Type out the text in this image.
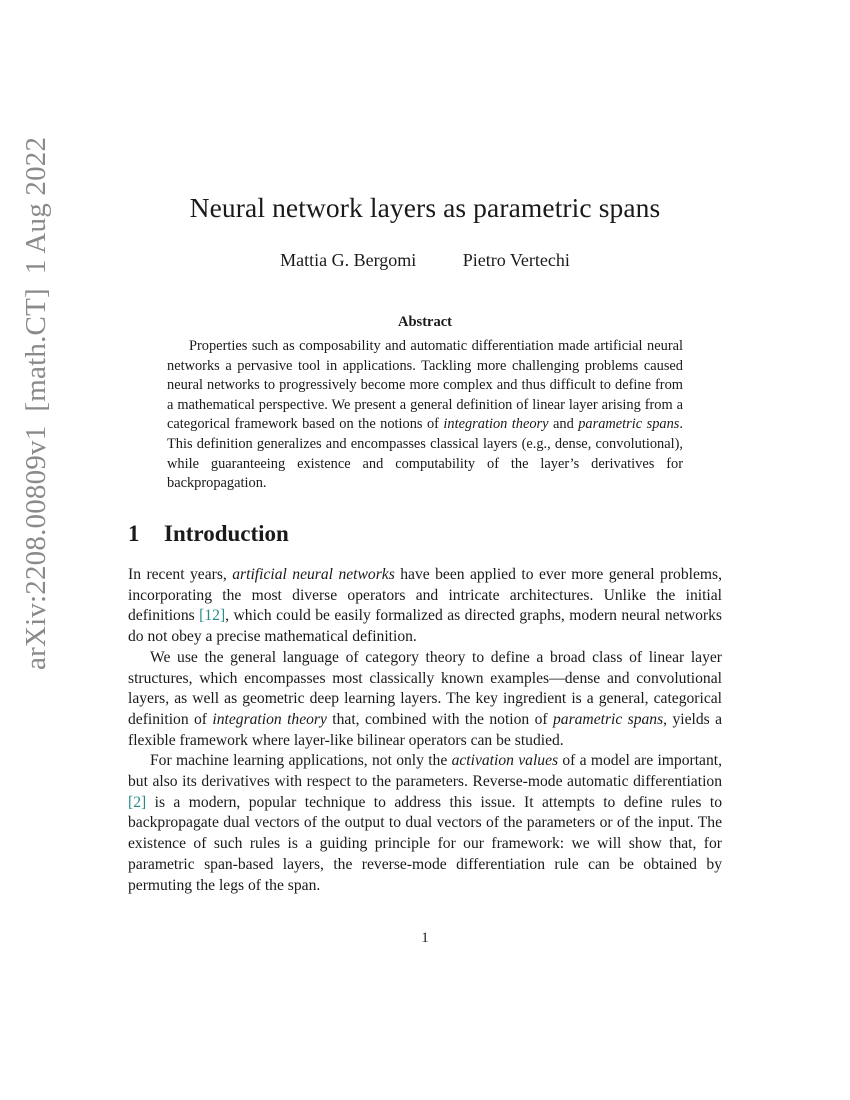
arXiv:2208.00809v1[math.CT]1 Aug 2022	Neural network layers as parametric spans
Mattia G. Bergomi	Pietro Vertechi
Abstract

Properties such as composability and automatic differentiation made artificial neural networks a pervasive tool in applications. Tackling more challenging problems caused neural networks to progressively become more complex and thus difficult to define from a mathematical perspective. We present a general definition of linear layer arising from a categorical framework based on the notions of integration theory and parametric spans. This definition generalizes and encompasses classical layers (e.g., dense, convolutional), while guaranteeing existence and computability of the layer’s derivatives for backpropagation.

1 Introduction

In recent years, artificial neural networks have been applied to ever more general problems, incorporating the most diverse operators and intricate architectures. Unlike the initial definitions [12], which could be easily formalized as directed graphs, modern neural networks do not obey a precise mathematical definition.

We use the general language of category theory to define a broad class of linear layer structures, which encompasses most classically known examples—dense and convolutional layers, as well as geometric deep learning layers. The key ingredient is a general, categorical definition of integration theory that, combined with the notion of parametric spans, yields a flexible framework where layer-like bilinear operators can be studied.

For machine learning applications, not only the activation values of a model are important, but also its derivatives with respect to the parameters. Reverse-mode automatic differentiation [2] is a modern, popular technique to address this issue. It attempts to define rules to backpropagate dual vectors of the output to dual vectors of the parameters or of the input. The existence of such rules is a guiding principle for our framework: we will show that, for parametric span-based layers, the reverse-mode differentiation rule can be obtained by permuting the legs of the span.

1
